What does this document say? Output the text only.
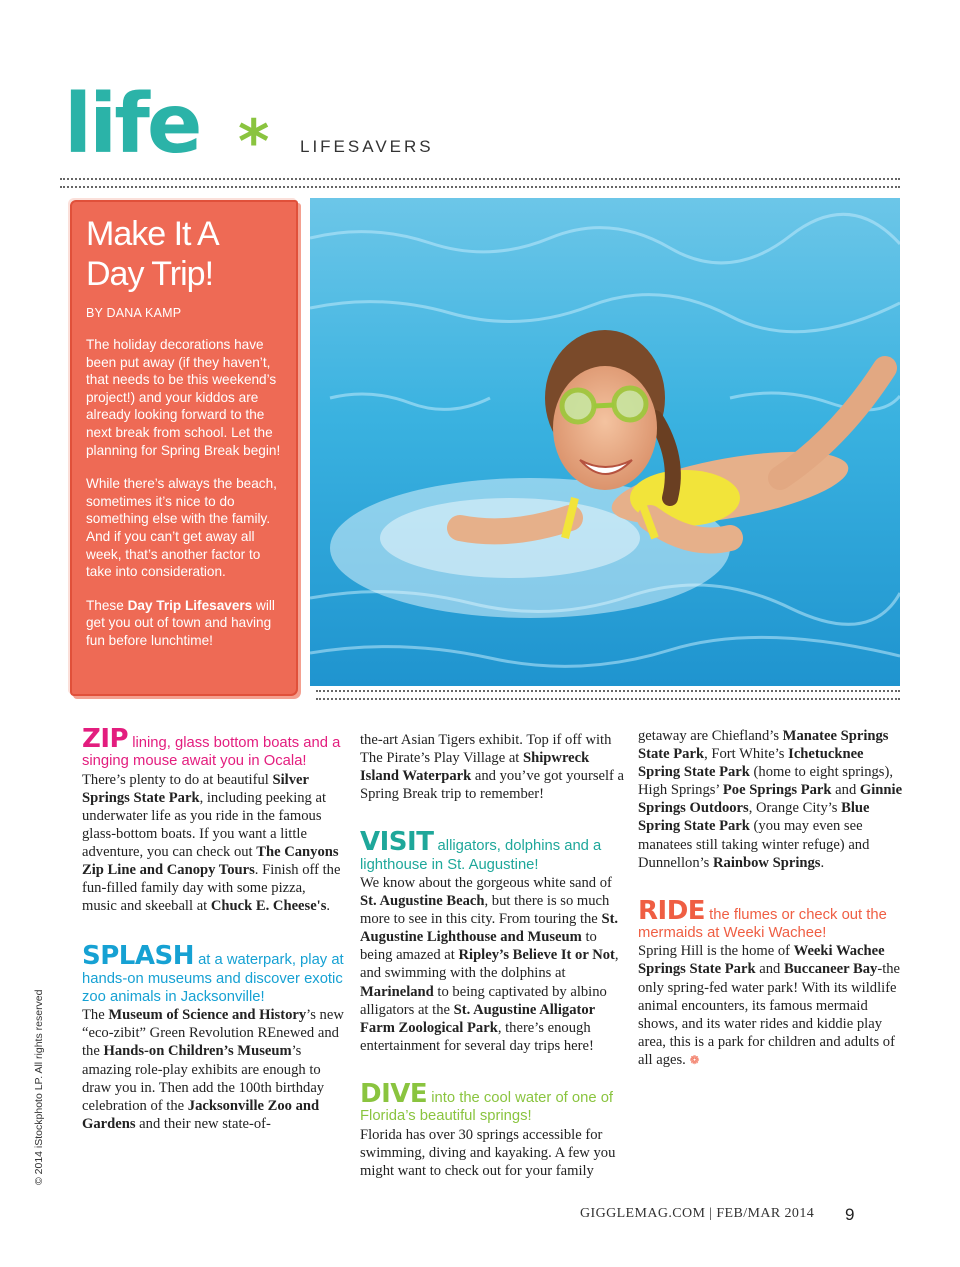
life * LIFESAVERS
Make It A
Day Trip!
BY DANA KAMP

The holiday decorations have been put away (if they haven’t, that needs to be this weekend’s project!) and your kiddos are already looking forward to the next break from school. Let the planning for Spring Break begin!

While there’s always the beach, sometimes it’s nice to do something else with the family. And if you can’t get away all week, that’s another factor to take into consideration.

These Day Trip Lifesavers will get you out of town and having fun before lunchtime!

ZIP lining, glass bottom boats and a singing mouse await you in Ocala!
There’s plenty to do at beautiful Silver Springs State Park, including peeking at underwater life as you ride in the famous glass-bottom boats. If you want a little adventure, you can check out The Canyons Zip Line and Canopy Tours. Finish off the fun-filled family day with some pizza, music and skeeball at Chuck E. Cheese's.
SPLASH at a waterpark, play at hands-on museums and discover exotic zoo animals in Jacksonville!
The Museum of Science and History’s new “eco-zibit” Green Revolution REnewed and the Hands-on Children’s Museum’s amazing role-play exhibits are enough to draw you in. Then add the 100th birthday celebration of the Jacksonville Zoo and Gardens and their new state-of-
the-art Asian Tigers exhibit. Top if off with The Pirate’s Play Village at Shipwreck Island Waterpark and you’ve got yourself a Spring Break trip to remember!
VISIT alligators, dolphins and a lighthouse in St. Augustine!
We know about the gorgeous white sand of St. Augustine Beach, but there is so much more to see in this city. From touring the St. Augustine Lighthouse and Museum to being amazed at Ripley’s Believe It or Not, and swimming with the dolphins at Marineland to being captivated by albino alligators at the St. Augustine Alligator Farm Zoological Park, there’s enough entertainment for several day trips here!
DIVE into the cool water of one of Florida’s beautiful springs!
Florida has over 30 springs accessible for swimming, diving and kayaking. A few you might want to check out for your family
getaway are Chiefland’s Manatee Springs State Park, Fort White’s Ichetucknee Spring State Park (home to eight springs), High Springs’ Poe Springs Park and Ginnie Springs Outdoors, Orange City’s Blue Spring State Park (you may even see manatees still taking winter refuge) and Dunnellon’s Rainbow Springs.
RIDE the flumes or check out the mermaids at Weeki Wachee!
Spring Hill is the home of Weeki Wachee Springs State Park and Buccaneer Bay-the only spring-fed water park! With its wildlife animal encounters, its famous mermaid shows, and its water rides and kiddie play area, this is a park for children and adults of all ages. ❁
© 2014 iStockphoto LP. All rights reserved
GIGGLEMAG.COM | FEB/MAR 2014 9
